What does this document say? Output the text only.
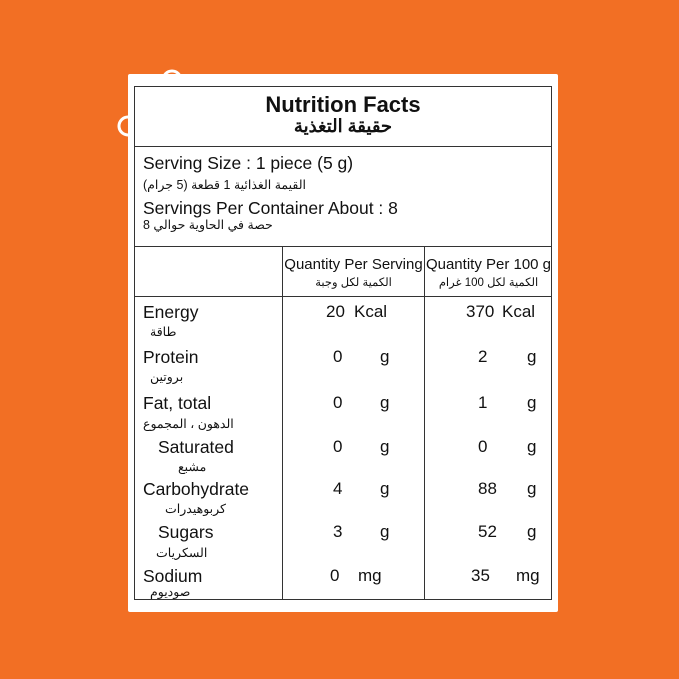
Nutrition Facts
حقيقة التغذية
Serving Size : 1 piece (5 g)
القيمة الغذائية 1 قطعة (5 جرام)
Servings Per Container About : 8
حصة في الحاوية حوالي 8
Quantity Per Serving
الكمية لكل وجبة
Quantity Per 100 g
الكمية لكل 100 غرام
Energy
طاقة
20 Kcal	370 Kcal
Protein
بروتين
0 g	2 g
Fat, total
الدهون ، المجموع
0 g	1 g
Saturated
مشبع
0 g	0 g
Carbohydrate
كربوهيدرات
4 g	88 g
Sugars
السكريات
3 g	52 g
Sodium
صوديوم
0 mg	35 mg
